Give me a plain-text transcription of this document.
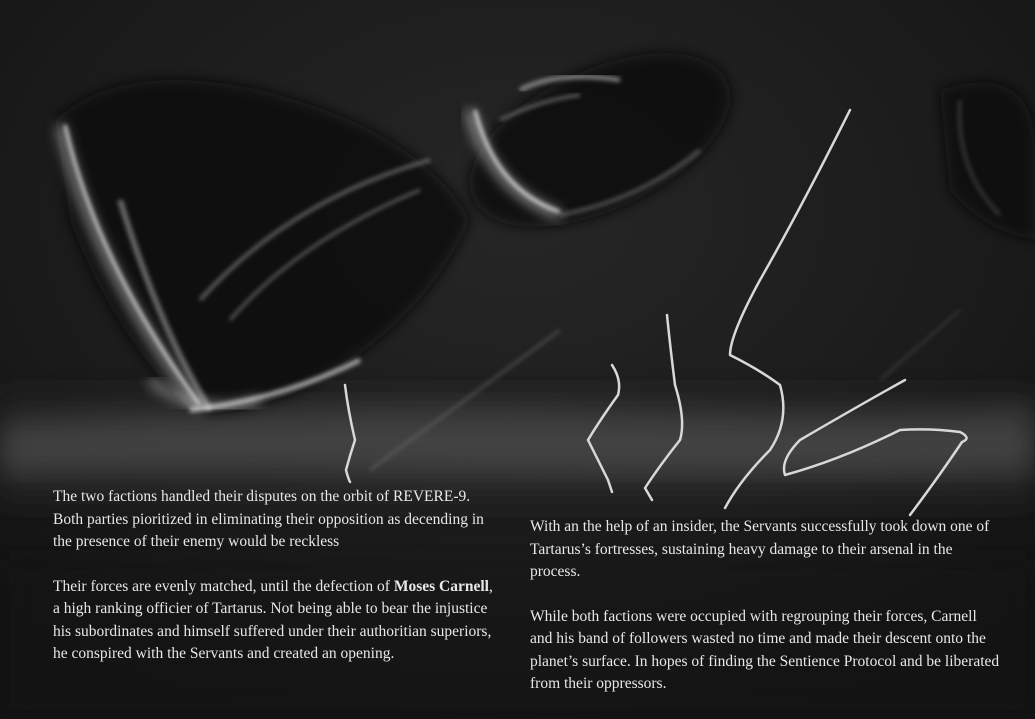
The two factions handled their disputes on the orbit of REVERE-9. Both parties pioritized in eliminating their opposition as decending in the presence of their enemy would be reckless

Their forces are evenly matched, until the defection of Moses Carnell, a high ranking officier of Tartarus. Not being able to bear the injustice his subordinates and himself suffered under their authoritian superiors, he conspired with the Servants and created an opening.

With an the help of an insider, the Servants successfully took down one of Tartarus’s fortresses, sustaining heavy damage to their arsenal in the process.

While both factions were occupied with regrouping their forces, Carnell and his band of followers wasted no time and made their descent onto the planet’s surface. In hopes of finding the Sentience Protocol and be liberated from their oppressors.
